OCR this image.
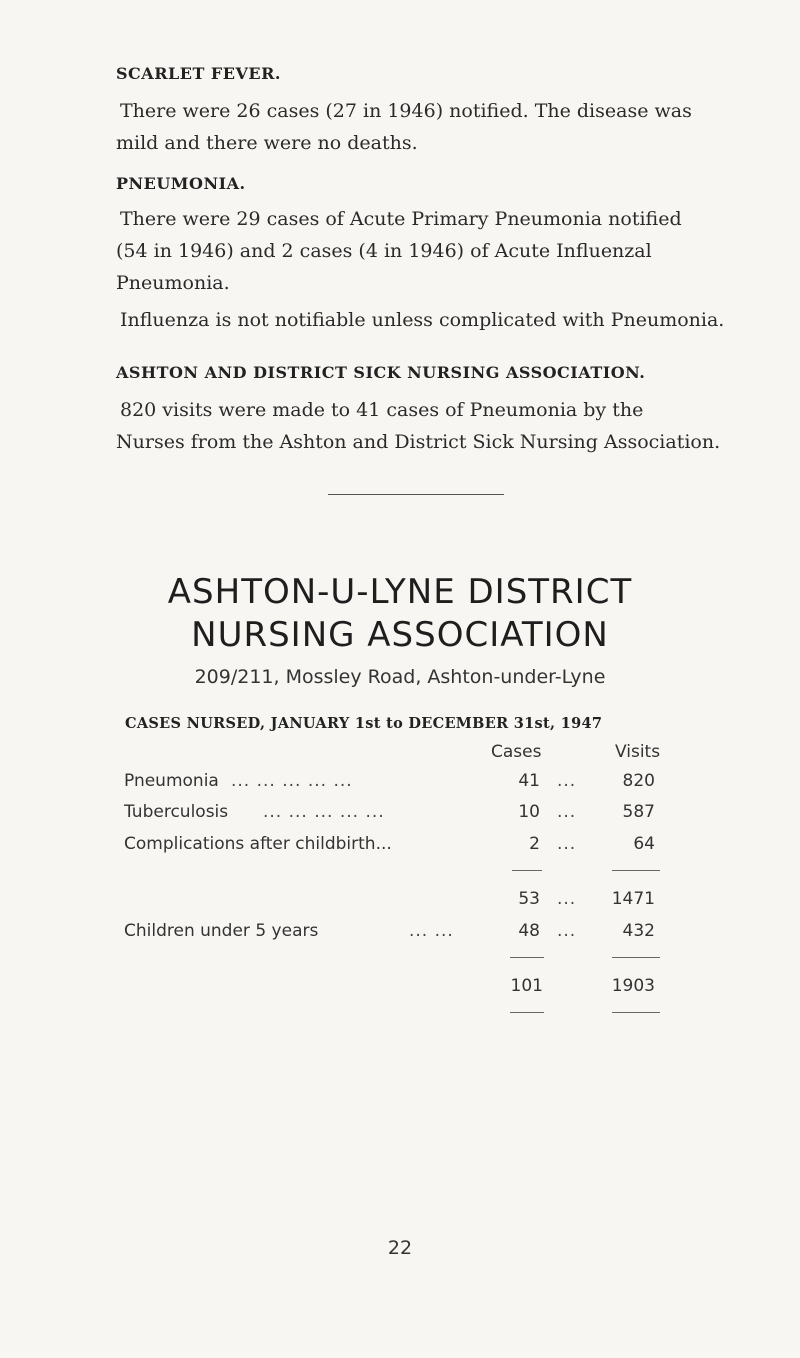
SCARLET FEVER.
There were 26 cases (27 in 1946) notified. The disease was
mild and there were no deaths.
PNEUMONIA.
There were 29 cases of Acute Primary Pneumonia notified
(54 in 1946) and 2 cases (4 in 1946) of Acute Influenzal
Pneumonia.
Influenza is not notifiable unless complicated with Pneumonia.
ASHTON AND DISTRICT SICK NURSING ASSOCIATION.
820 visits were made to 41 cases of Pneumonia by the
Nurses from the Ashton and District Sick Nursing Association.
ASHTON-U-LYNE DISTRICT
NURSING ASSOCIATION
209/211, Mossley Road, Ashton-under-Lyne
CASES NURSED, JANUARY 1st to DECEMBER 31st, 1947
Cases	Visits
Pneumonia ... ... ... ... ...	41 ...	820
Tuberculosis ... ... ... ... ...	10 ...	587
Complications after childbirth...	2 ...	64
53 ...	1471
Children under 5 years	... ...	48 ...	432
101	1903
22
